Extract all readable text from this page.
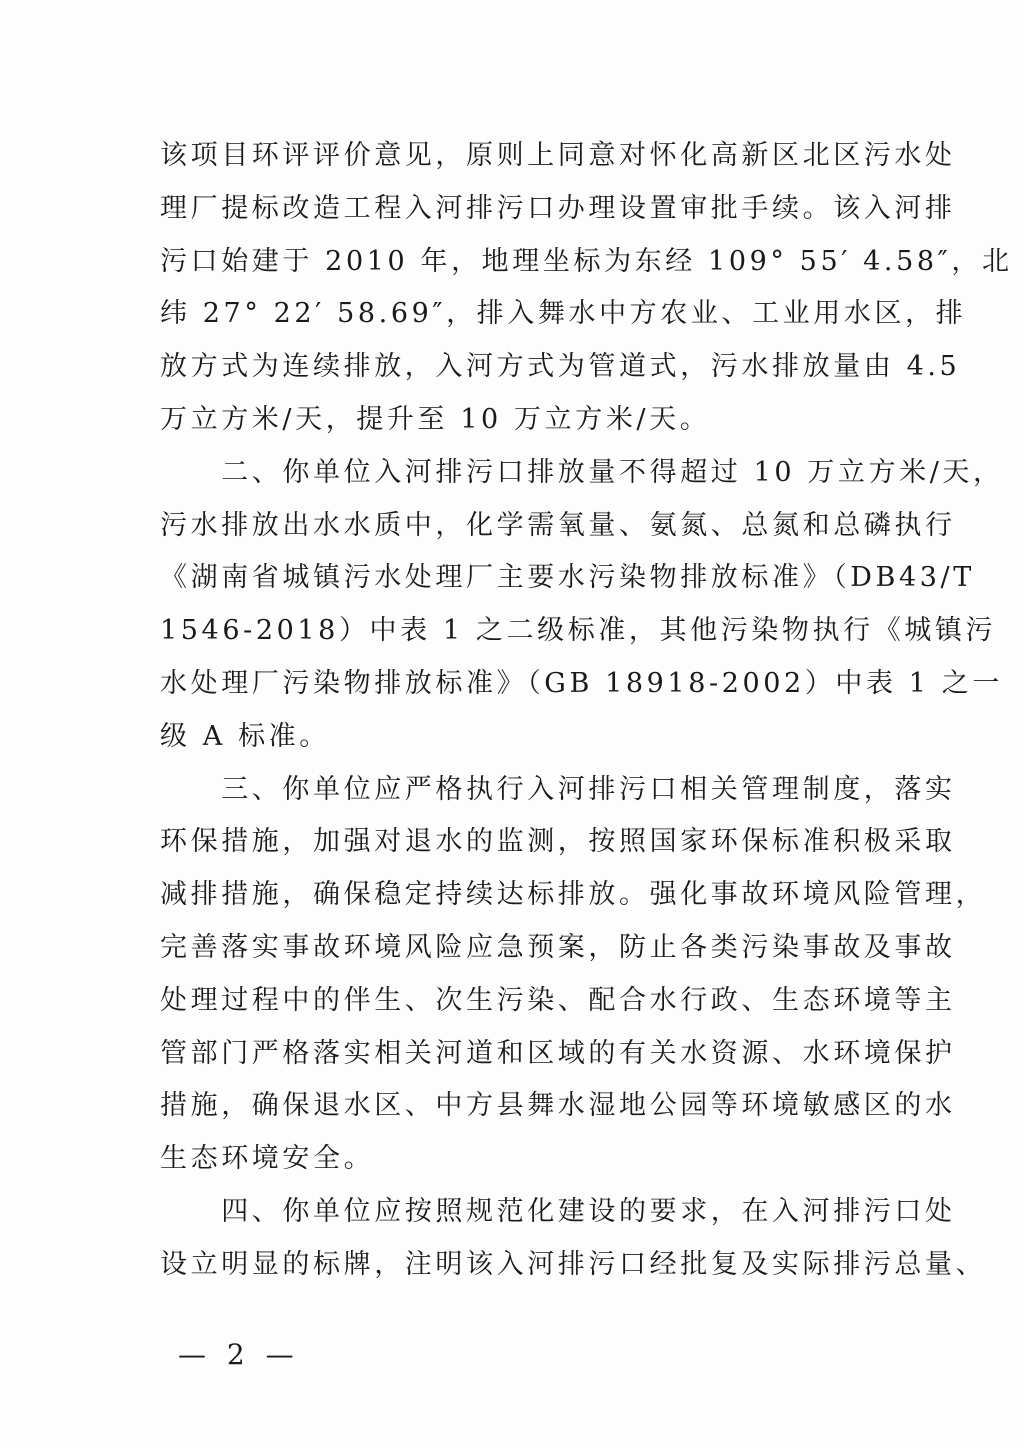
该项目环评评价意见，原则上同意对怀化高新区北区污水处
理厂提标改造工程入河排污口办理设置审批手续。该入河排
污口始建于 2010 年，地理坐标为东经 109° 55′ 4.58″，北
纬 27° 22′ 58.69″，排入舞水中方农业、工业用水区，排
放方式为连续排放，入河方式为管道式，污水排放量由 4.5
万立方米/天，提升至 10 万立方米/天。
　　二、你单位入河排污口排放量不得超过 10 万立方米/天，
污水排放出水水质中，化学需氧量、氨氮、总氮和总磷执行
《湖南省城镇污水处理厂主要水污染物排放标准》（DB43/T
1546-2018）中表 1 之二级标准，其他污染物执行《城镇污
水处理厂污染物排放标准》（GB 18918-2002）中表 1 之一
级 A 标准。
　　三、你单位应严格执行入河排污口相关管理制度，落实
环保措施，加强对退水的监测，按照国家环保标准积极采取
减排措施，确保稳定持续达标排放。强化事故环境风险管理，
完善落实事故环境风险应急预案，防止各类污染事故及事故
处理过程中的伴生、次生污染、配合水行政、生态环境等主
管部门严格落实相关河道和区域的有关水资源、水环境保护
措施，确保退水区、中方县舞水湿地公园等环境敏感区的水
生态环境安全。
　　四、你单位应按照规范化建设的要求，在入河排污口处
设立明显的标牌，注明该入河排污口经批复及实际排污总量、
— 2 —
